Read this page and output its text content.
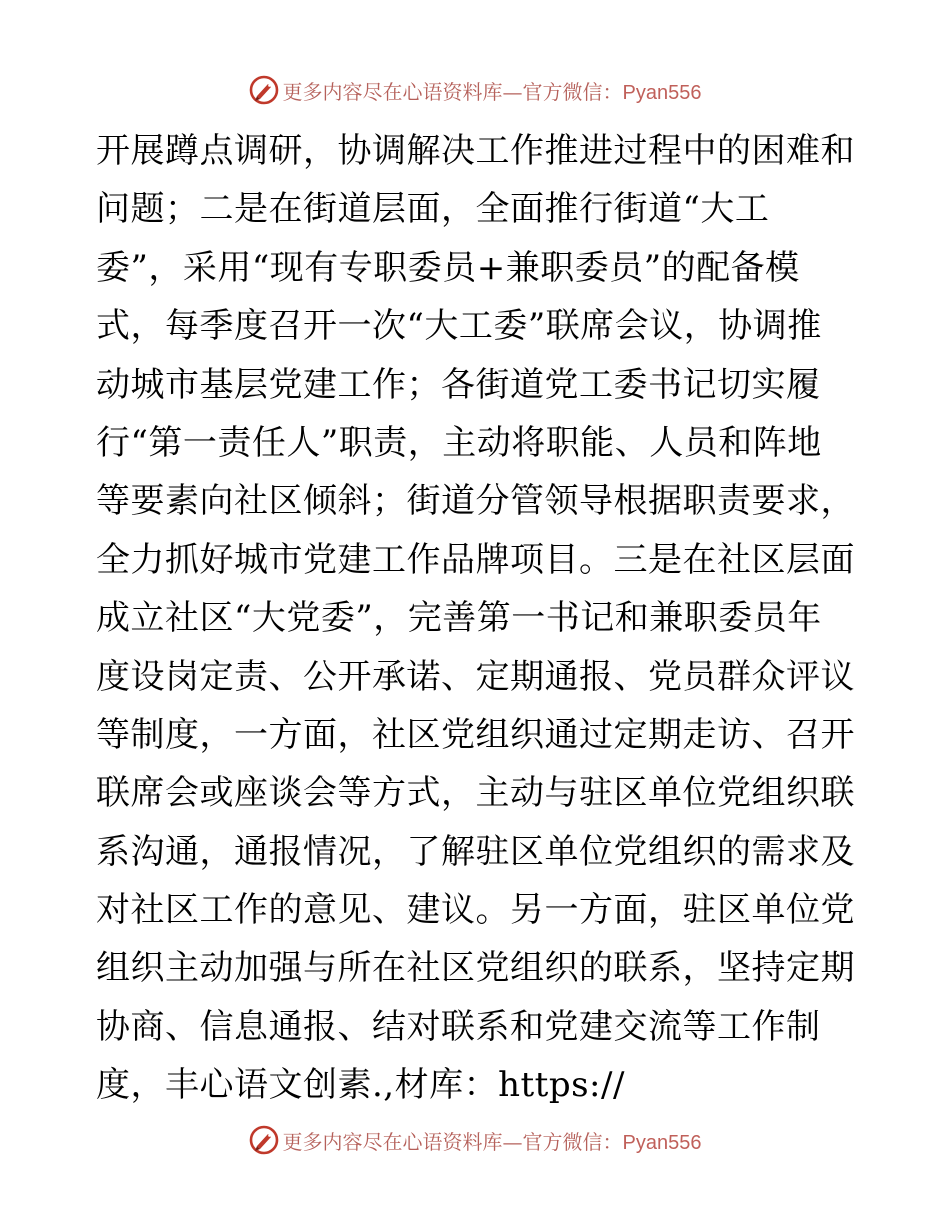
更多内容尽在心语资料库—官方微信：Pyan556
开展蹲点调研，协调解决工作推进过程中的困难和
问题；二是在街道层面，全面推行街道“大工
委”，采用“现有专职委员+兼职委员”的配备模
式，每季度召开一次“大工委”联席会议，协调推
动城市基层党建工作；各街道党工委书记切实履
行“第一责任人”职责，主动将职能、人员和阵地
等要素向社区倾斜；街道分管领导根据职责要求，
全力抓好城市党建工作品牌项目。三是在社区层面
成立社区“大党委”，完善第一书记和兼职委员年
度设岗定责、公开承诺、定期通报、党员群众评议
等制度，一方面，社区党组织通过定期走访、召开
联席会或座谈会等方式，主动与驻区单位党组织联
系沟通，通报情况，了解驻区单位党组织的需求及
对社区工作的意见、建议。另一方面，驻区单位党
组织主动加强与所在社区党组织的联系，坚持定期
协商、信息通报、结对联系和党建交流等工作制
度，丰心语文创素.,材库：https://
更多内容尽在心语资料库—官方微信：Pyan556
